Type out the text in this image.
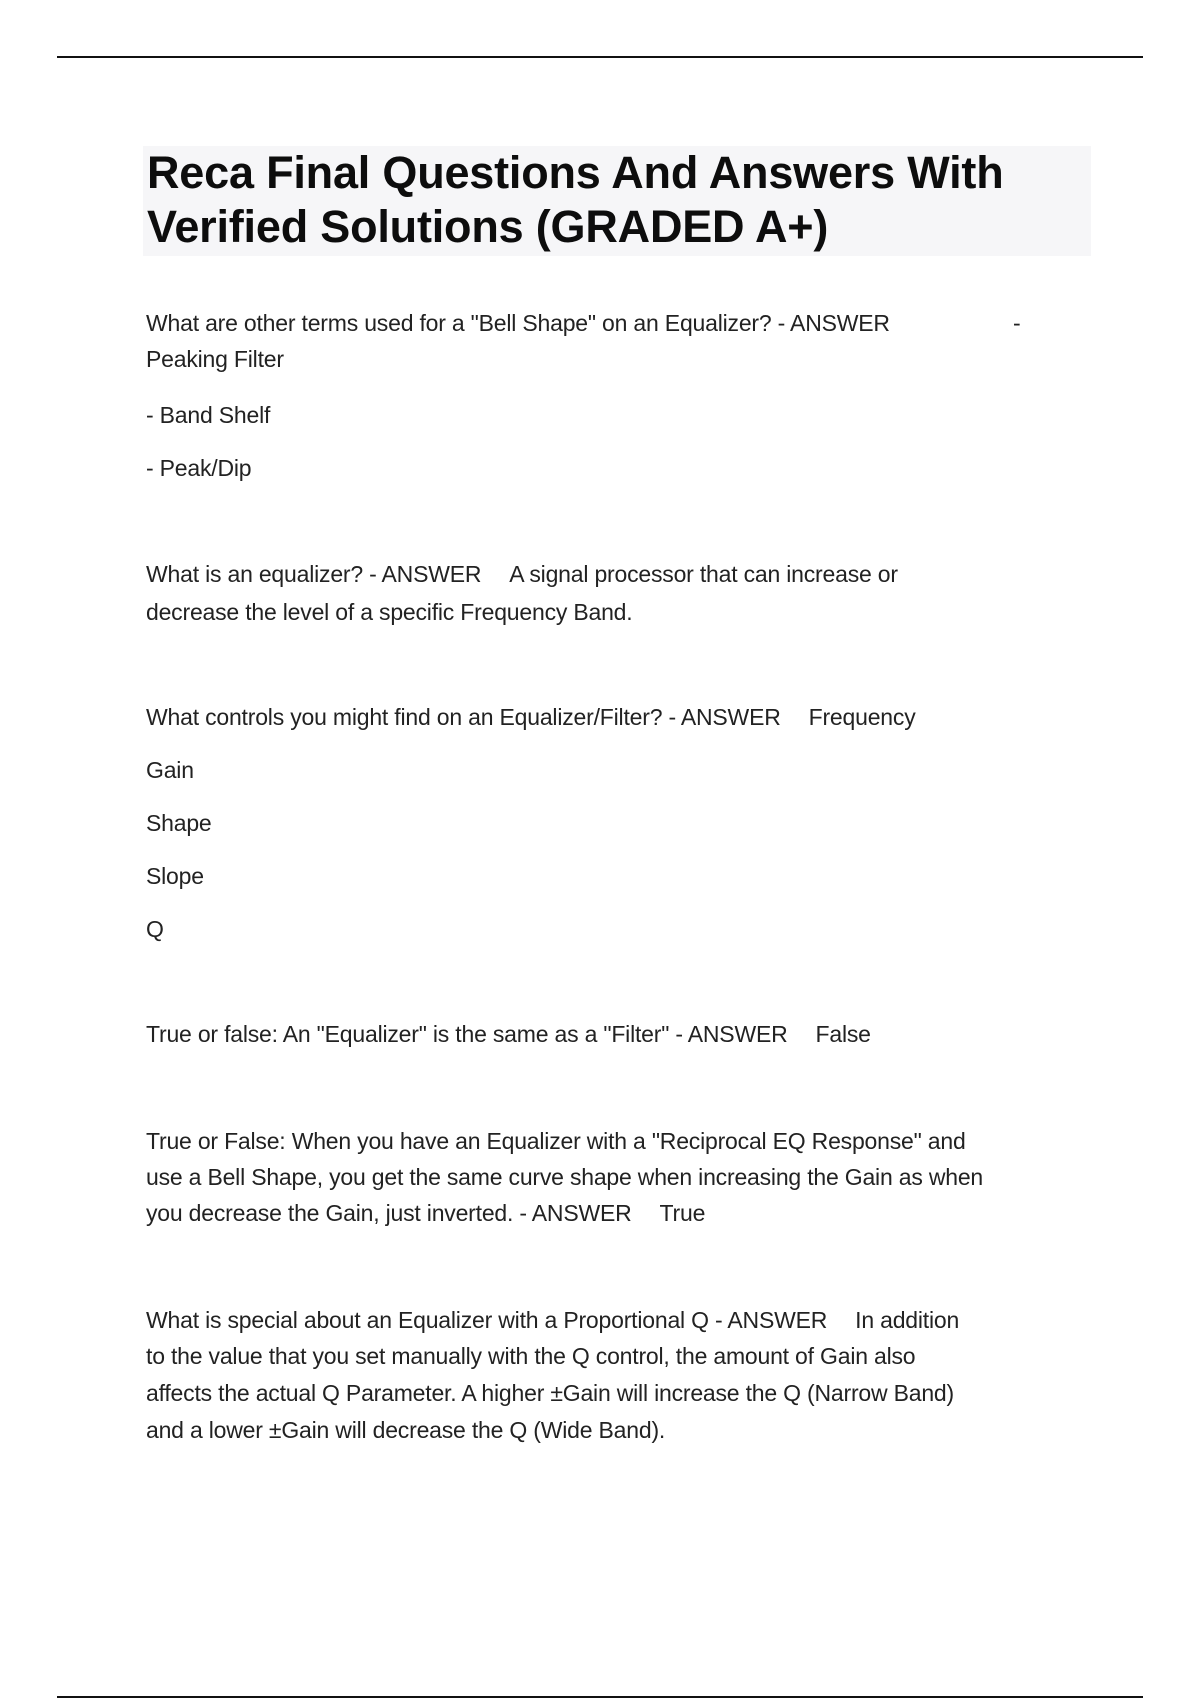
Reca Final Questions And Answers With
Verified Solutions (GRADED A+)
What are other terms used for a "Bell Shape" on an Equalizer? - ANSWER	-
Peaking Filter
- Band Shelf
- Peak/Dip
What is an equalizer? - ANSWER A signal processor that can increase or
decrease the level of a specific Frequency Band.
What controls you might find on an Equalizer/Filter? - ANSWER Frequency
Gain
Shape
Slope
Q
True or false: An "Equalizer" is the same as a "Filter" - ANSWER False
True or False: When you have an Equalizer with a "Reciprocal EQ Response" and
use a Bell Shape, you get the same curve shape when increasing the Gain as when
you decrease the Gain, just inverted. - ANSWER True
What is special about an Equalizer with a Proportional Q - ANSWER In addition
to the value that you set manually with the Q control, the amount of Gain also
affects the actual Q Parameter. A higher ±Gain will increase the Q (Narrow Band)
and a lower ±Gain will decrease the Q (Wide Band).
